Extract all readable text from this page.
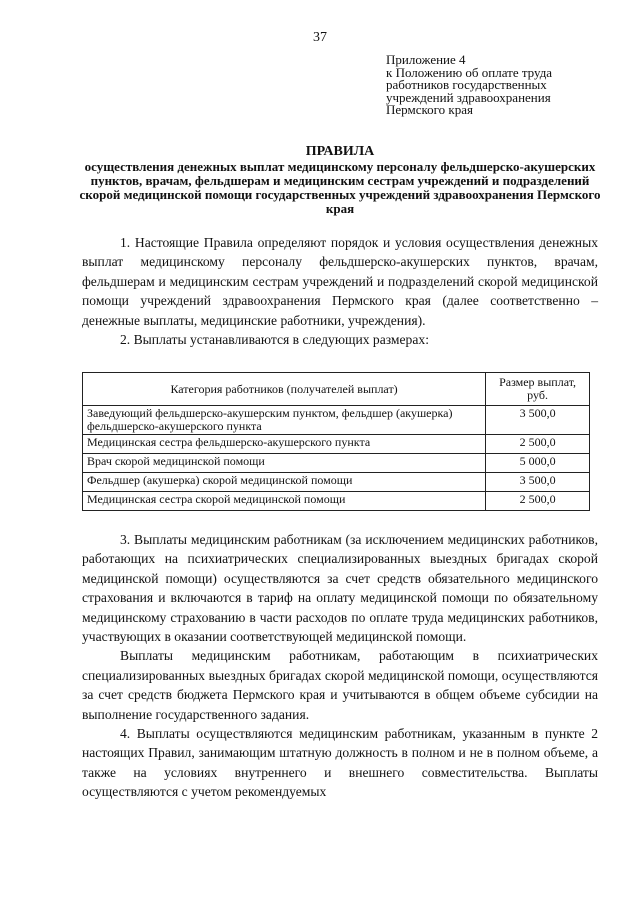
37
Приложение 4
к Положению об оплате труда
работников государственных
учреждений здравоохранения
Пермского края
ПРАВИЛА
осуществления денежных выплат медицинскому персоналу фельдшерско-акушерских пунктов, врачам, фельдшерам и медицинским сестрам учреждений и подразделений скорой медицинской помощи государственных учреждений здравоохранения Пермского края

1. Настоящие Правила определяют порядок и условия осуществления денежных выплат медицинскому персоналу фельдшерско-акушерских пунктов, врачам, фельдшерам и медицинским сестрам учреждений и подразделений скорой медицинской помощи учреждений здравоохранения Пермского края (далее соответственно – денежные выплаты, медицинские работники, учреждения).

2. Выплаты устанавливаются в следующих размерах:

Категория работников (получателей выплат)	Размер выплат, руб.
Заведующий фельдшерско-акушерским пунктом, фельдшер (акушерка) фельдшерско-акушерского пункта	3 500,0
Медицинская сестра фельдшерско-акушерского пункта	2 500,0
Врач скорой медицинской помощи	5 000,0
Фельдшер (акушерка) скорой медицинской помощи	3 500,0
Медицинская сестра скорой медицинской помощи	2 500,0

3. Выплаты медицинским работникам (за исключением медицинских работников, работающих на психиатрических специализированных выездных бригадах скорой медицинской помощи) осуществляются за счет средств обязательного медицинского страхования и включаются в тариф на оплату медицинской помощи по обязательному медицинскому страхованию в части расходов по оплате труда медицинских работников, участвующих в оказании соответствующей медицинской помощи.

Выплаты медицинским работникам, работающим в психиатрических специализированных выездных бригадах скорой медицинской помощи, осуществляются за счет средств бюджета Пермского края и учитываются в общем объеме субсидии на выполнение государственного задания.

4. Выплаты осуществляются медицинским работникам, указанным в пункте 2 настоящих Правил, занимающим штатную должность в полном и не в полном объеме, а также на условиях внутреннего и внешнего совместительства. Выплаты осуществляются с учетом рекомендуемых
